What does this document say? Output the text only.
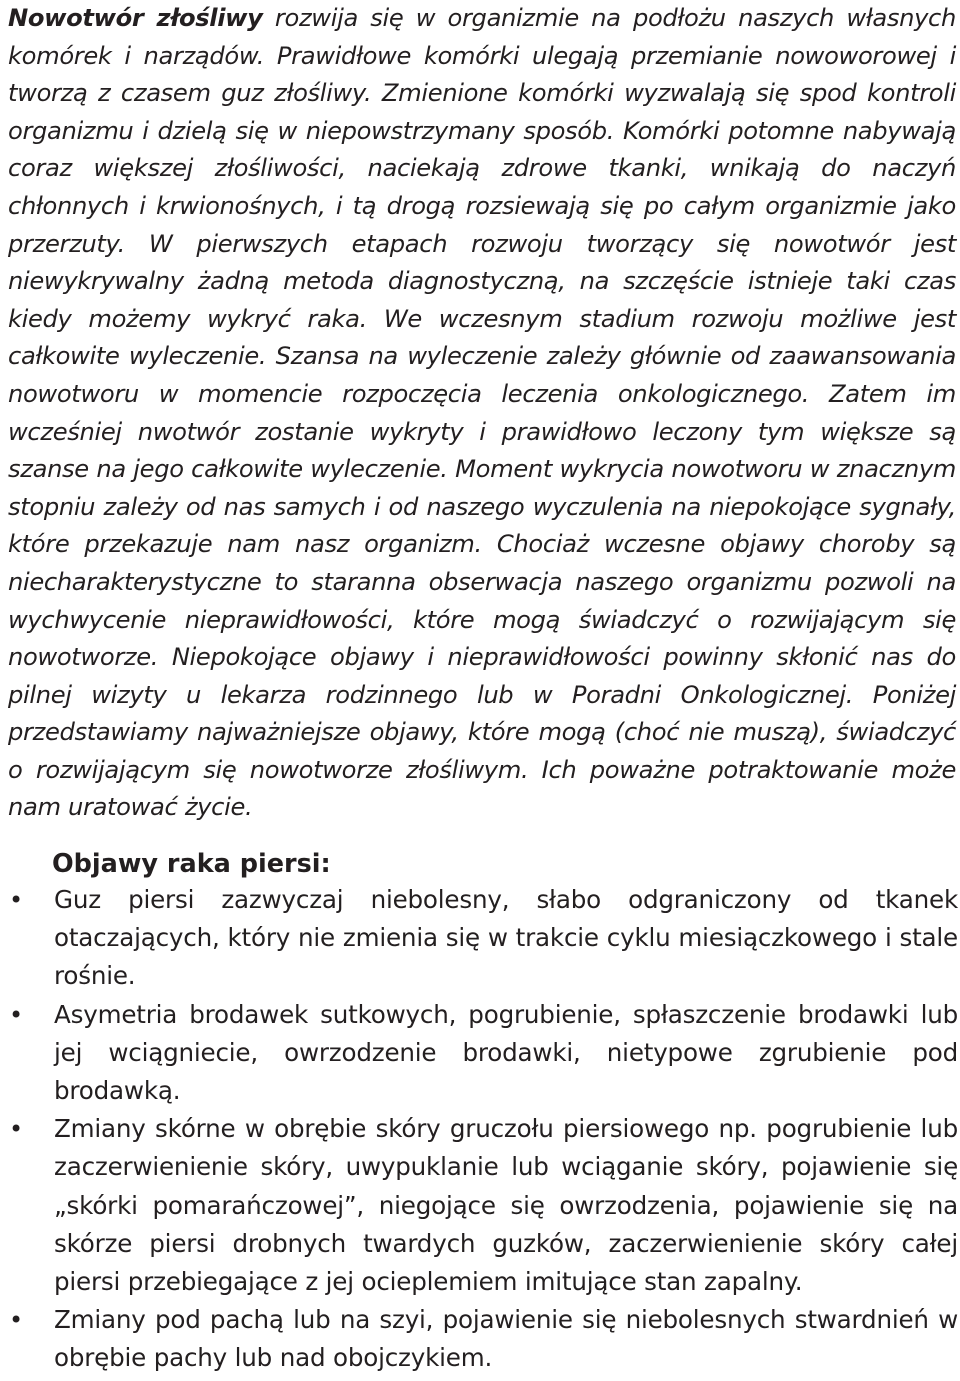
Nowotwór złośliwy rozwija się w organizmie na podłożu naszych własnych komórek i narządów. Prawidłowe komórki ulegają przemianie nowoworowej i tworzą z czasem guz złośliwy. Zmienione komórki wyzwalają się spod kontroli organizmu i dzielą się w niepowstrzymany sposób. Komórki potomne nabywają coraz większej złośliwości, naciekają zdrowe tkanki, wnikają do naczyń chłonnych i krwionośnych, i tą drogą rozsiewają się po całym organizmie jako przerzuty. W pierwszych etapach rozwoju tworzący się nowotwór jest niewykrywalny żadną metoda diagnostyczną, na szczęście istnieje taki czas kiedy możemy wykryć raka. We wczesnym stadium rozwoju możliwe jest całkowite wyleczenie. Szansa na wyleczenie zależy głównie od zaawansowania nowotworu w momencie rozpoczęcia leczenia onkologicznego. Zatem im wcześniej nwotwór zostanie wykryty i prawidłowo leczony tym większe są szanse na jego całkowite wyleczenie. Moment wykrycia nowotworu w znacznym stopniu zależy od nas samych i od naszego wyczulenia na niepokojące sygnały, które przekazuje nam nasz organizm. Chociaż wczesne objawy choroby są niecharakterystyczne to staranna obserwacja naszego organizmu pozwoli na wychwycenie nieprawidłowości, które mogą świadczyć o rozwijającym się nowotworze. Niepokojące objawy i nieprawidłowości powinny skłonić nas do pilnej wizyty u lekarza rodzinnego lub w Poradni Onkologicznej. Poniżej przedstawiamy najważniejsze objawy, które mogą (choć nie muszą), świadczyć o rozwijającym się nowotworze złośliwym. Ich poważne potraktowanie może nam uratować życie.

Objawy raka piersi:
• Guz piersi zazwyczaj niebolesny, słabo odgraniczony od tkanek otaczających, który nie zmienia się w trakcie cyklu miesiączkowego i stale rośnie.
• Asymetria brodawek sutkowych, pogrubienie, spłaszczenie brodawki lub jej wciągniecie, owrzodzenie brodawki, nietypowe zgrubienie pod brodawką.
• Zmiany skórne w obrębie skóry gruczołu piersiowego np. pogrubienie lub zaczerwienienie skóry, uwypuklanie lub wciąganie skóry, pojawienie się „skórki pomarańczowej”, niegojące się owrzodzenia, pojawienie się na skórze piersi drobnych twardych guzków, zaczerwienienie skóry całej piersi przebiegające z jej ocieplemiem imitujące stan zapalny.
• Zmiany pod pachą lub na szyi, pojawienie się niebolesnych stwardnień w obrębie pachy lub nad obojczykiem.
